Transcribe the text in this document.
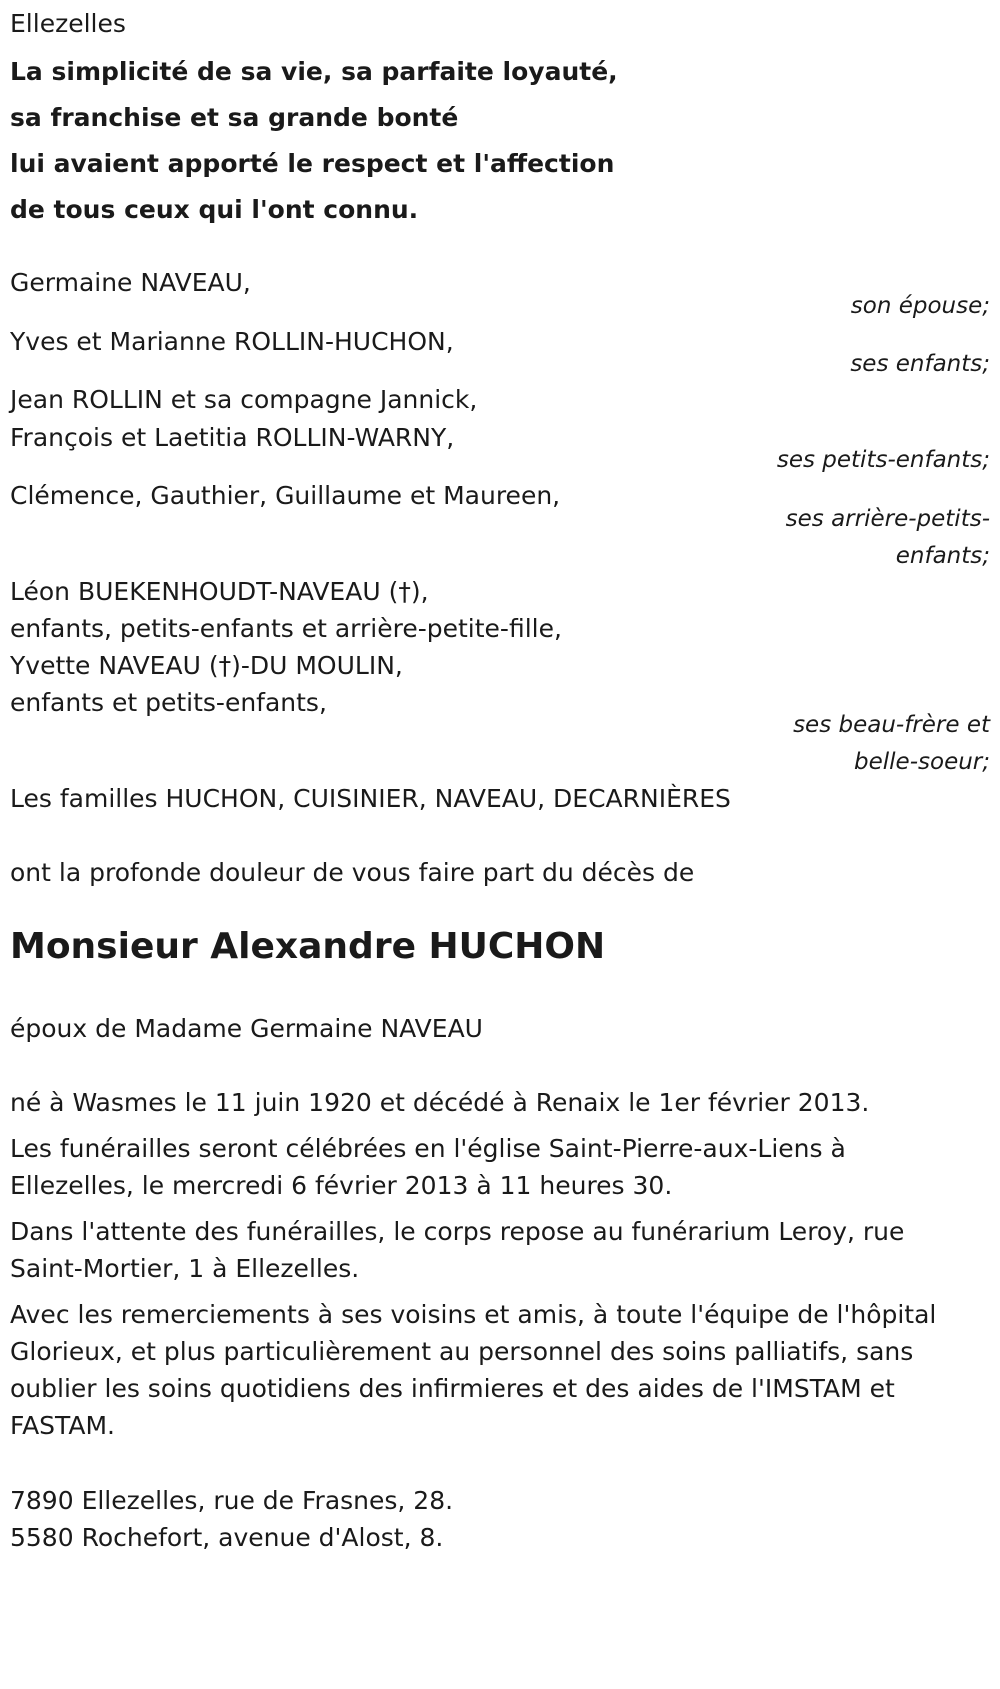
Ellezelles

La simplicité de sa vie, sa parfaite loyauté,

sa franchise et sa grande bonté

lui avaient apporté le respect et l'affection

de tous ceux qui l'ont connu.

Germaine NAVEAU,

son épouse;

Yves et Marianne ROLLIN-HUCHON,

ses enfants;

Jean ROLLIN et sa compagne Jannick,

François et Laetitia ROLLIN-WARNY,

ses petits-enfants;

Clémence, Gauthier, Guillaume et Maureen,

ses arrière-petits-

enfants;

Léon BUEKENHOUDT-NAVEAU (†),

enfants, petits-enfants et arrière-petite-fille,

Yvette NAVEAU (†)-DU MOULIN,

enfants et petits-enfants,

ses beau-frère et

belle-soeur;

Les familles HUCHON, CUISINIER, NAVEAU, DECARNIÈRES

ont la profonde douleur de vous faire part du décès de

Monsieur Alexandre HUCHON

époux de Madame Germaine NAVEAU

né à Wasmes le 11 juin 1920 et décédé à Renaix le 1er février 2013.

Les funérailles seront célébrées en l'église Saint-Pierre-aux-Liens à

Ellezelles, le mercredi 6 février 2013 à 11 heures 30.

Dans l'attente des funérailles, le corps repose au funérarium Leroy, rue

Saint-Mortier, 1 à Ellezelles.

Avec les remerciements à ses voisins et amis, à toute l'équipe de l'hôpital

Glorieux, et plus particulièrement au personnel des soins palliatifs, sans

oublier les soins quotidiens des infirmieres et des aides de l'IMSTAM et

FASTAM.

7890 Ellezelles, rue de Frasnes, 28.

5580 Rochefort, avenue d'Alost, 8.
